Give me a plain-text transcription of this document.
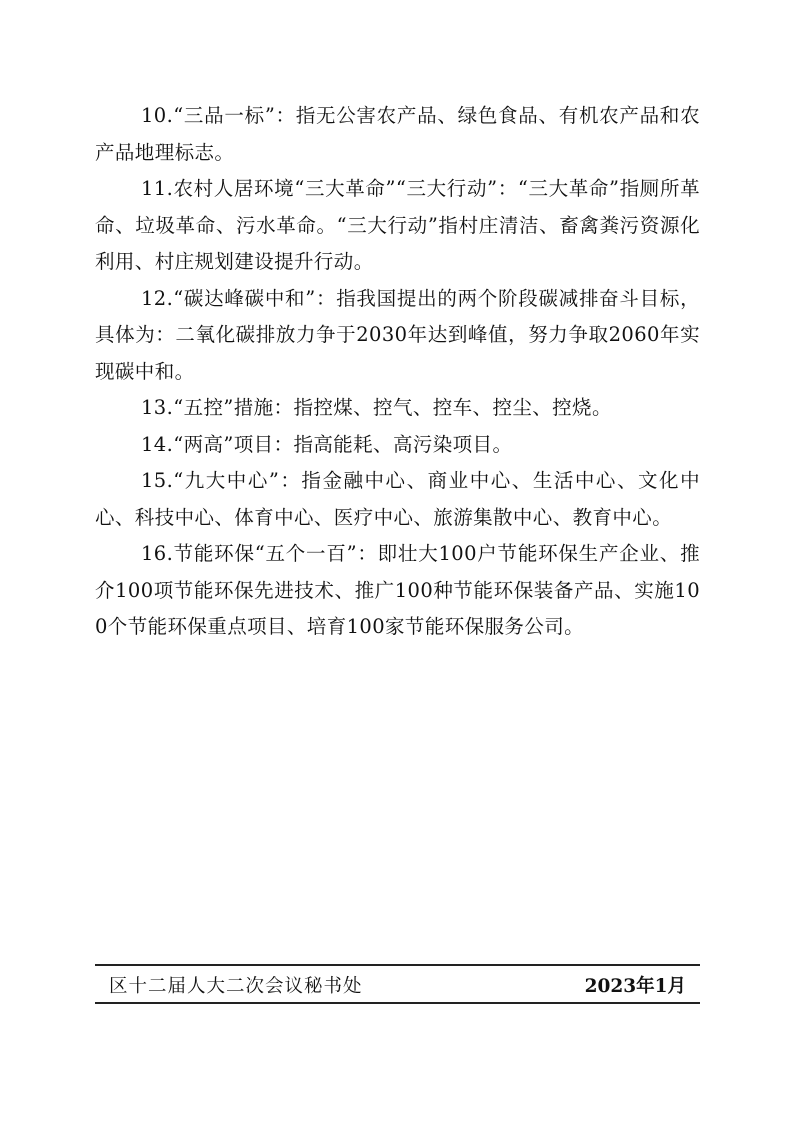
10.“三品一标”：指无公害农产品、绿色食品、有机农产品和农产品地理标志。

11.农村人居环境“三大革命”“三大行动”：“三大革命”指厕所革命、垃圾革命、污水革命。“三大行动”指村庄清洁、畜禽粪污资源化利用、村庄规划建设提升行动。

12.“碳达峰碳中和”：指我国提出的两个阶段碳减排奋斗目标，具体为：二氧化碳排放力争于2030年达到峰值，努力争取2060年实现碳中和。

13.“五控”措施：指控煤、控气、控车、控尘、控烧。

14.“两高”项目：指高能耗、高污染项目。

15.“九大中心”：指金融中心、商业中心、生活中心、文化中心、科技中心、体育中心、医疗中心、旅游集散中心、教育中心。

16.节能环保“五个一百”：即壮大100户节能环保生产企业、推介100项节能环保先进技术、推广100种节能环保装备产品、实施100个节能环保重点项目、培育100家节能环保服务公司。

区十二届人大二次会议秘书处	2023年1月
